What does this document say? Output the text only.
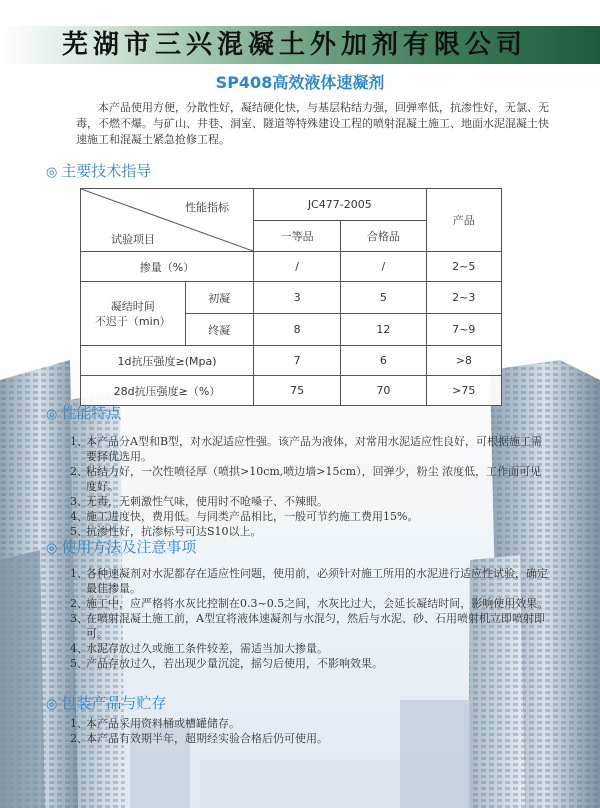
芜湖市三兴混凝土外加剂有限公司
SP408高效液体速凝剂
本产品使用方便，分散性好，凝结硬化快，与基层粘结力强，回弹率低，抗渗性好，无氯、无毒，不燃不爆。与矿山、井巷、洞室、隧道等特殊建设工程的喷射混凝土施工、地面水泥混凝土快速施工和混凝土紧急抢修工程。
◎ 主要技术指导
性能指标
试验项目		JC477-2005		产品
		一等品	合格品	
掺量（%）		/	/	2~5
凝结时间
不迟于（min）	初凝	3	5	2~3
	终凝	8	12	7~9
1d抗压强度≥(Mpa)		7	6	>8
28d抗压强度≥（%）		75	70	>75
◎ 性能特点
1、
本产品分A型和B型，对水泥适应性强。该产品为液体，对常用水泥适应性良好，可根据施工需要择优选用。
2、
粘结力好，一次性喷径厚（喷拱>10cm,喷边墙>15cm），回弹少，粉尘 浓度低，工作面可见度好。
3、
无毒，无刺激性气味，使用时不呛嗓子、不辣眼。
4、
施工进度快，费用低。与同类产品相比，一般可节约施工费用15%。
5、
抗渗性好，抗渗标号可达S10以上。
◎ 使用方法及注意事项
1、
各种速凝剂对水泥都存在适应性问题，使用前，必须针对施工所用的水泥进行适应性试验，确定最佳掺量。
2、
施工中，应严格将水灰比控制在0.3~0.5之间，水灰比过大，会延长凝结时间，影响使用效果。
3、
在喷射混凝土施工前，A型宜将液体速凝剂与水混匀，然后与水泥、砂、石用喷射机立即喷射即可。
4、
水泥存放过久或施工条件较差，需适当加大掺量。
5、
产品存放过久，若出现少量沉淀，摇匀后使用，不影响效果。
◎ 包装产品与贮存
1、
本产品采用资料桶或槽罐储存。
2、
本产品有效期半年，超期经实验合格后仍可使用。
